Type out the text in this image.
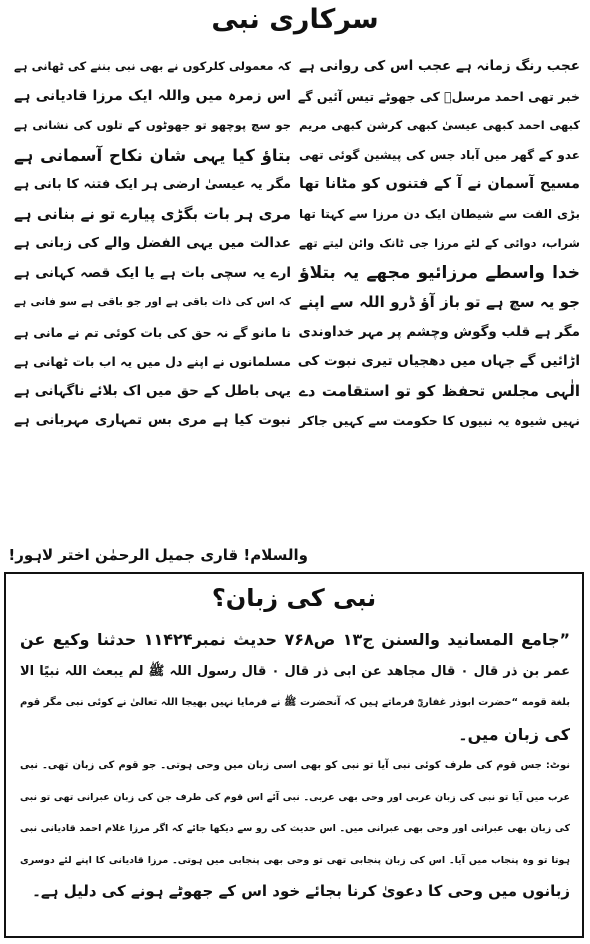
سرکاری نبی
عجب رنگ زمانہ ہے عجب اس کی روانی ہے
کہ معمولی کلرکوں نے بھی نبی بننے کی ٹھانی ہے
خبر تھی احمد مرسلؐ کی جھوٹے تیس آئیں گے
اس زمرہ میں واللہ ایک مرزا قادیانی ہے
کبھی احمد کبھی عیسیٰ کبھی کرشن کبھی مریم
جو سچ پوچھو تو جھوٹوں کے تلوں کی نشانی ہے
عدو کے گھر میں آباد جس کی پیشین گوئی تھی
بتاؤ کیا یہی شان نکاح آسمانی ہے
مسیح آسمان نے آ کے فتنوں کو مٹانا تھا
مگر یہ عیسیٰ ارضی ہر ایک فتنہ کا بانی ہے
بڑی الفت سے شیطان ایک دن مرزا سے کہتا تھا
مری ہر بات بگڑی پیارے تو نے بنانی ہے
شراب، دوائی کے لئے مرزا جی ٹانک وائن لیتے تھے
عدالت میں یہی الفضل والے کی زبانی ہے
خدا واسطے مرزائیو مجھے یہ بتلاؤ
ارے یہ سچی بات ہے یا ایک قصہ کہانی ہے
جو یہ سچ ہے تو باز آؤ ڈرو اللہ سے اپنے
کہ اس کی ذات باقی ہے اور جو باقی ہے سو فانی ہے
مگر ہے قلب وگوش وچشم پر مہر خداوندی
نا مانو گے نہ حق کی بات کوئی تم نے مانی ہے
اڑائیں گے جہاں میں دھجیاں تیری نبوت کی
مسلمانوں نے اپنے دل میں یہ اب بات ٹھانی ہے
الٰہی مجلس تحفظ کو تو استقامت دے
یہی باطل کے حق میں اک بلائے ناگہانی ہے
نہیں شیوہ یہ نبیوں کا حکومت سے کہیں جاکر
نبوت کیا ہے مری بس تمہاری مہربانی ہے
والسلام! قاری جمیل الرحمٰن اختر لاہور!
نبی کی زبان؟
”جامع المسانید والسنن ج۱۳ ص۷۶۸ حدیث نمبر۱۱۴۲۴ حدثنا وکیع عن
عمر بن ذر قال ۰ قال مجاھد عن ابی ذر قال ۰ قال رسول اللہ ﷺ لم یبعث اللہ نبیًا الا
بلغة قومه “حضرت ابوذر غفاریؓ فرماتے ہیں کہ آنحضرت ﷺ نے فرمایا نہیں بھیجا اللہ تعالیٰ نے کوئی نبی مگر قوم
کی زبان میں۔
نوٹ: جس قوم کی طرف کوئی نبی آیا تو نبی کو بھی اسی زبان میں وحی ہوتی۔ جو قوم کی زبان تھی۔ نبی
عرب میں آیا تو نبی کی زبان عربی اور وحی بھی عربی۔ نبی آئے اس قوم کی طرف جن کی زبان عبرانی تھی تو نبی
کی زبان بھی عبرانی اور وحی بھی عبرانی میں۔ اس حدیث کی رو سے دیکھا جائے کہ اگر مرزا غلام احمد قادیانی نبی
ہوتا تو وہ پنجاب میں آیا۔ اس کی زبان پنجابی تھی تو وحی بھی پنجابی میں ہوتی۔ مرزا قادیانی کا اپنے لئے دوسری
زبانوں میں وحی کا دعویٰ کرنا بجائے خود اس کے جھوٹے ہونے کی دلیل ہے۔
